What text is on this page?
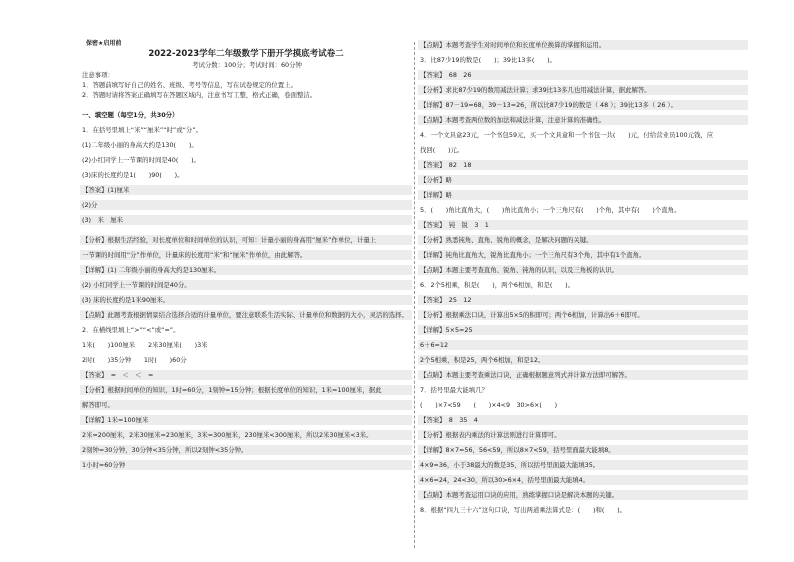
保密★启用前
2022-2023学年二年级数学下册开学摸底考试卷二
考试分数：100分；考试时间：60分钟
注意事项：
1．答题前填写好自己的姓名、班级、考号等信息，写在试卷规定的位置上。
2．答题时请将答案正确填写在答题区域内，注意书写工整，格式正确，卷面整洁。
一、填空题（每空1分，共30分）
1．在括号里填上“米”“厘米”“时”或“分”。
(1)二年级小丽的身高大约是130(　　)。
(2)小红同学上一节课的时间是40(　　)。
(3)床的长度约是1(　　)90(　　)。
【答案】(1)厘米
(2)分
(3)　米　厘米
【分析】根据生活经验，对长度单位和时间单位的认识，可知：计量小丽的身高用“厘米”作单位，计量上
一节课的时间用“分”作单位，计量床的长度用“米”和“厘米”作单位，由此解答。
【详解】(1) 二年级小丽的身高大约是130厘米。
(2) 小红同学上一节课的时间是40分。
(3) 床的长度约是1米90厘米。
【点睛】此题考查根据情景结合选择合适的计量单位，要注意联系生活实际、计量单位和数据的大小，灵活的选择。
2．在横线里填上“>”“<”或“=”。
1米(　　)100厘米　　2米30厘米(　　)3米
2时(　　)35分钟　　1时(　　)60分
【答案】　=　＜　＜　=
【分析】根据时间单位的知识，1时=60分，1刻钟=15分钟；根据长度单位的知识，1米=100厘米，据此
解答即可。
【详解】1米=100厘米
2米=200厘米，2米30厘米=230厘米，3米=300厘米，230厘米<300厘米，所以2米30厘米<3米。
2刻钟=30分钟，30分钟<35分钟，所以2刻钟<35分钟。
1小时=60分钟
【点睛】本题考查学生对时间单位和长度单位换算的掌握和运用。
3．比87少19的数是(　　)；39比13多(　　)。
【答案】　68　26
【分析】求比87少19的数用减法计算；求39比13多几也用减法计算，据此解答。
【详解】87－19=68，39－13=26，所以比87少19的数是（ 48 ）；39比13多（ 26 ）。
【点睛】本题考查两位数的加法和减法计算，注意计算的准确性。
4．一个文具盒23元，一个书包59元，买一个文具盒和一个书包一共(　　)元，付给营业员100元钱，应
找回(　　)元。
【答案】　82　18
【分析】略
【详解】略
5．(　　)角比直角大，(　　)角比直角小；一个三角尺有(　　)个角，其中有(　　)个直角。
【答案】　钝　锐　3　1
【分析】熟悉钝角、直角、锐角的概念，是解决问题的关键。
【详解】钝角比直角大，锐角比直角小；一个三角尺有3个角，其中有1个直角。
【点睛】本题主要考查直角、锐角、钝角的认识，以及三角板的认识。
6．2个5相乘，积是(　　)，两个6相加，和是(　　)。
【答案】　25　12
【分析】根据乘法口诀，计算出5×5的积即可；两个6相加，计算出6＋6即可。
【详解】5×5=25
6＋6=12
2个5相乘，积是25，两个6相加，和是12。
【点睛】本题主要考查乘法口诀，正确根据题意列式并计算方法即可解答。
7．括号里最大能填几？
(　　)×7<59　　(　　)×4<9　30>6×(　　)
【答案】　8　35　4
【分析】根据表内乘法的计算法则进行计算即可。
【详解】8×7=56，56<59，所以8×7<59，括号里面最大能填8。
4×9=36，小于38最大的数是35，所以括号里面最大能填35。
4×6=24，24<30，所以30>6×4，括号里面最大能填4。
【点睛】本题考查运用口诀的应用，熟练掌握口诀是解决本题的关键。
8．根据“四九三十六”这句口诀，写出两道乘法算式是：(　　)和(　　)。
